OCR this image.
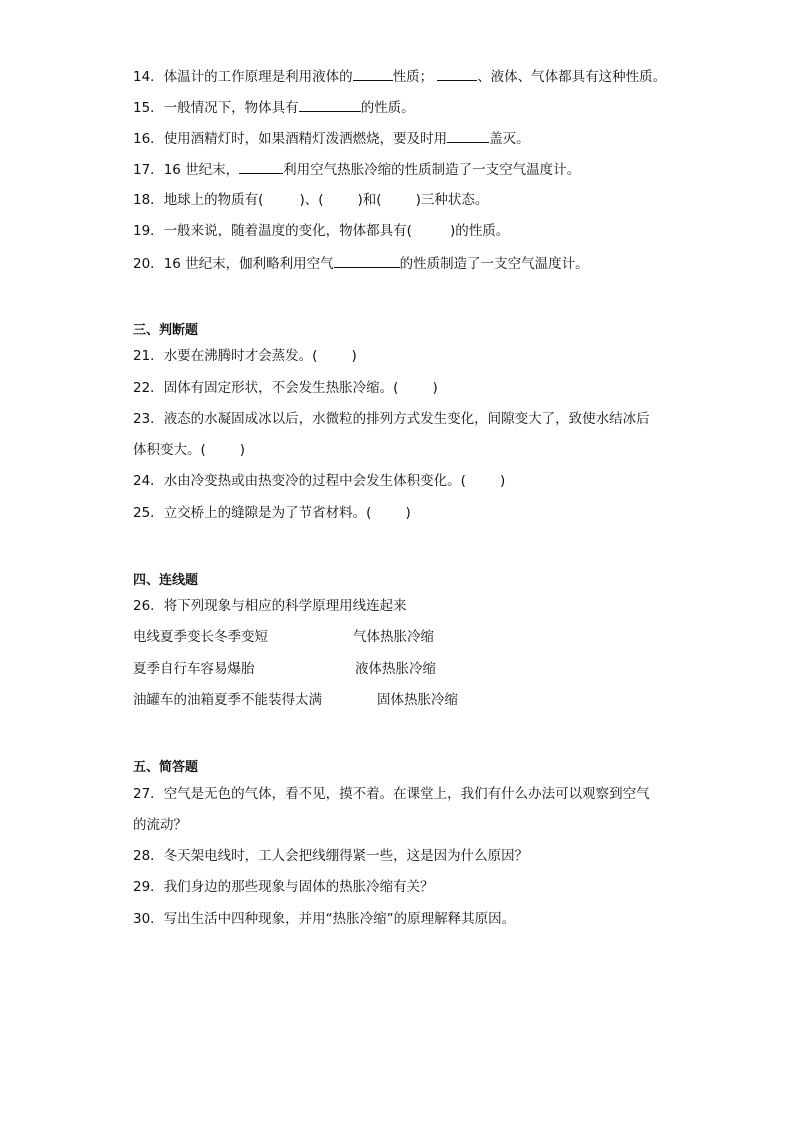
14．体温计的工作原理是利用液体的	性质；	、液体、气体都具有这种性质。
15．一般情况下，物体具有	的性质。
16．使用酒精灯时，如果酒精灯泼洒燃烧，要及时用	盖灭。
17．16 世纪末，	利用空气热胀冷缩的性质制造了一支空气温度计。
18．地球上的物质有(	)、(	)和(	)三种状态。
19．一般来说，随着温度的变化，物体都具有(	)的性质。
20．16 世纪末，伽利略利用空气	的性质制造了一支空气温度计。
三、判断题
21．水要在沸腾时才会蒸发。(	)
22．固体有固定形状，不会发生热胀冷缩。(	)
23．液态的水凝固成冰以后，水微粒的排列方式发生变化，间隙变大了，致使水结冰后
体积变大。(	)
24．水由冷变热或由热变冷的过程中会发生体积变化。(	)
25．立交桥上的缝隙是为了节省材料。(	)
四、连线题
26．将下列现象与相应的科学原理用线连起来
电线夏季变长冬季变短	气体热胀冷缩
夏季自行车容易爆胎	液体热胀冷缩
油罐车的油箱夏季不能装得太满	固体热胀冷缩
五、简答题
27．空气是无色的气体，看不见，摸不着。在课堂上，我们有什么办法可以观察到空气
的流动？
28．冬天架电线时，工人会把线绷得紧一些，这是因为什么原因？
29．我们身边的那些现象与固体的热胀冷缩有关？
30．写出生活中四种现象，并用“热胀冷缩”的原理解释其原因。
